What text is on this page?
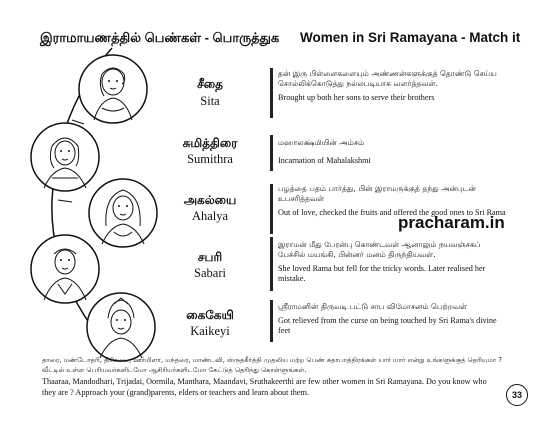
இராமாயணத்தில் பெண்கள் - பொருத்துக Women in Sri Ramayana - Match it
சீதை
Sita
சுமித்திரை
Sumithra
அகல்யை
Ahalya
சபரி
Sabari
கைகேயி
Kaikeyi
தன் இரு பிள்ளைகளையும் அண்ணன்களுக்குத் தொண்டு செய்ய சொல்லிக்கொடுத்து நல்லபடியாக வளர்த்தவள்.
Brought up both her sons to serve their brothers
மஹாலக்ஷ்மியின் அம்சம்
Incarnation of Mahalakshmi
பழத்தை பதம் பார்த்து, பின் இராமருக்குத் தந்து அன்புடன் உபசரித்தவள்
Out of love, checked the fruits and offered the good ones to Sri Rama
இராமன் மீது பேரன்பு கொண்டவள் ஆனாலும் நயவஞ்சகப் பேச்சில் மயங்கி, பின்னர் மனம் திருந்தியவள்.
She loved Rama but fell for the tricky words. Later realised her mistake.
ஸ்ரீராமனின் திருவடி பட்டு சாப விமோசனம் பெற்றவள்
Got relieved from the curse on being touched by Sri Rama's divine feet
pracharam.in
தாரை, மண்டோதரி, திரிசடை, ஊர்மிளா, மந்தரை, மாண்டவி, ஸ்ருதகீர்த்தி முதலிய மற்ற பெண் கதாபாத்திரங்கள் யார் யார் என்று உங்களுக்குத் தெரியுமா ? வீட்டில் உள்ள பெரியவர்களிடமோ ஆசிரியர்களிடமோ கேட்டுத் தெரிந்து கொள்ளுங்கள்.
Thaaraa, Mandodhari, Trijadai, Oormila, Manthara, Maandavi, Sruthakeerthi are few other women in Sri Ramayana. Do you know who they are ? Approach your (grand)parents, elders or teachers and learn about them.	33
